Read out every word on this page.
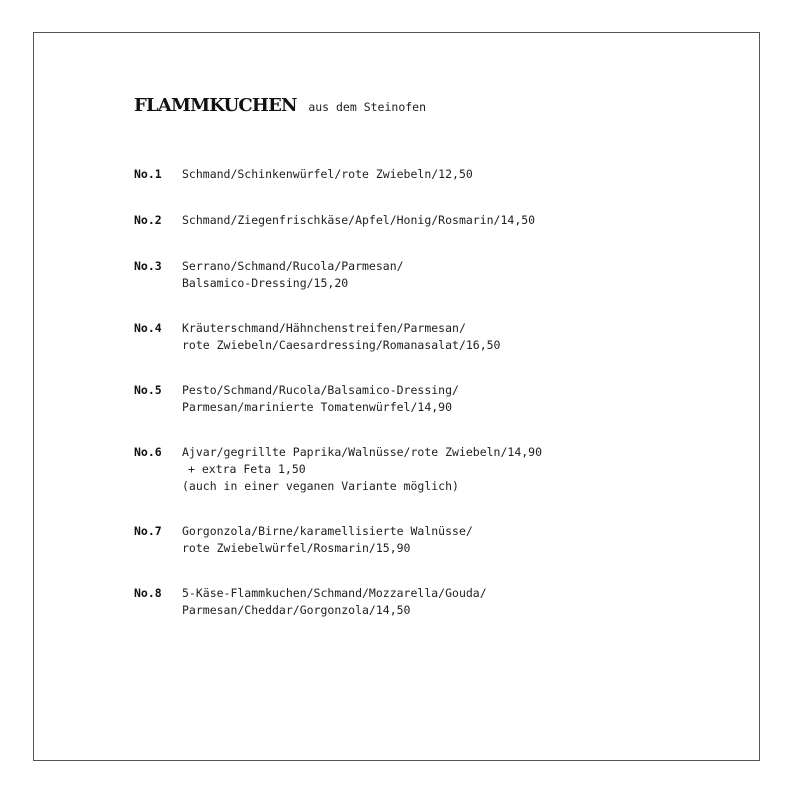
FLAMMKUCHEN aus dem Steinofen
No.1	Schmand/Schinkenwürfel/rote Zwiebeln/12,50
No.2	Schmand/Ziegenfrischkäse/Apfel/Honig/Rosmarin/14,50
No.3	Serrano/Schmand/Rucola/Parmesan/
Balsamico-Dressing/15,20
No.4	Kräuterschmand/Hähnchenstreifen/Parmesan/
rote Zwiebeln/Caesardressing/Romanasalat/16,50
No.5	Pesto/Schmand/Rucola/Balsamico-Dressing/
Parmesan/marinierte Tomatenwürfel/14,90
No.6	Ajvar/gegrillte Paprika/Walnüsse/rote Zwiebeln/14,90
+ extra Feta 1,50
(auch in einer veganen Variante möglich)
No.7	Gorgonzola/Birne/karamellisierte Walnüsse/
rote Zwiebelwürfel/Rosmarin/15,90
No.8	5-Käse-Flammkuchen/Schmand/Mozzarella/Gouda/
Parmesan/Cheddar/Gorgonzola/14,50
